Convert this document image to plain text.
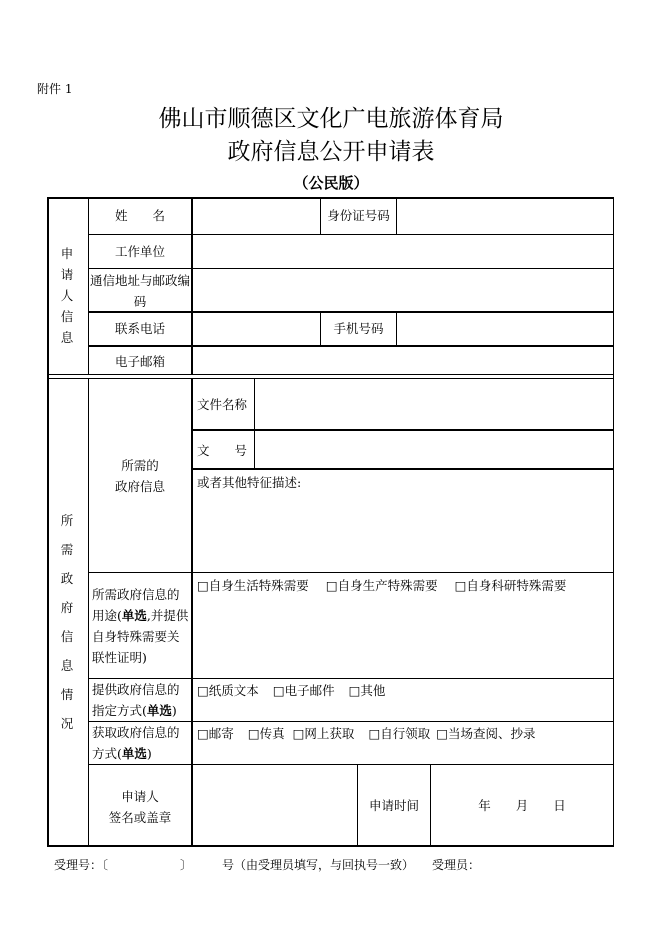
附件 1
佛山市顺德区文化广电旅游体育局
政府信息公开申请表
（公民版）
申
请
人
信
息
姓　　名	身份证号码
工作单位
通信地址与邮政编码
联系电话	手机号码
电子邮箱
所
需
政
府
信
息
情
况
所需的
政府信息
文件名称
文　　号
或者其他特征描述:
所需政府信息的用途(单选,并提供自身特殊需要关联性证明)
□自身生活特殊需要 □自身生产特殊需要 □自身科研特殊需要
提供政府信息的指定方式(单选)
□纸质文本 □电子邮件 □其他
获取政府信息的方式(单选)
□邮寄 □传真 □网上获取 □自行领取 □当场查阅、抄录
申请人
签名或盖章
申请时间	年　　月　　日
受理号：〔　　　　　　〕　　　号（由受理员填写，与回执号一致）　　受理员：
